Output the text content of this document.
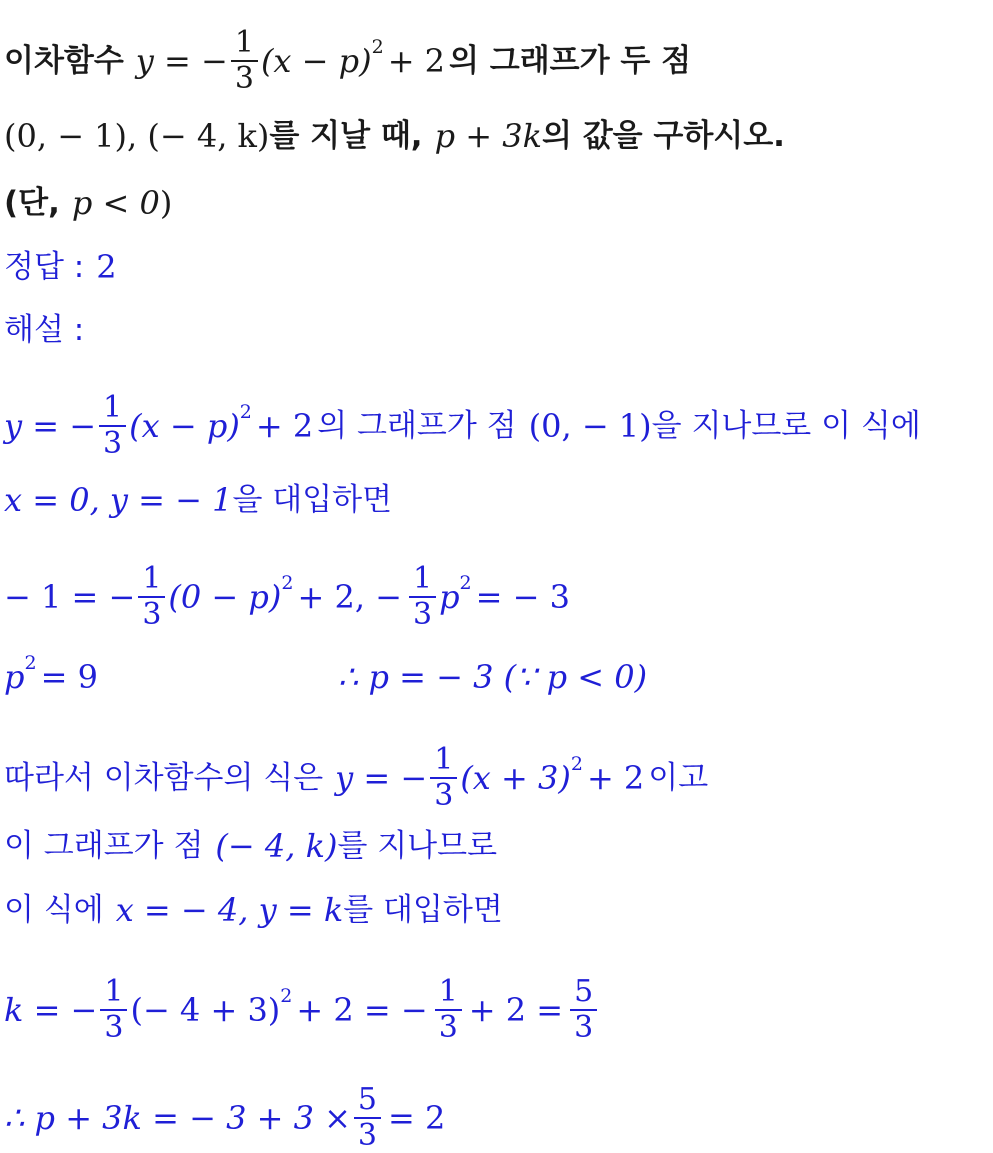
이차함수 y = − $\frac{1}{3} (x - p)^2 + 2$ 의 그래프가 두 점
(0, − 1), (− 4, k) 를 지날 때, p + 3k 의 값을 구하시오.
(단, p < 0 )
정답 : 2
해설 :
y = − $\frac{1}{3} (x - p)^2 + 2$ 의 그래프가 점 (0, − 1) 을 지나므로 이 식에
x = 0, y = − 1 을 대입하면
− 1 = − $\frac{1}{3} (0 - p)^2 + 2$, − $\frac{1}{3} p^2$ = − 3
$p^2 = 9$	∴ p = − 3 (∵ p < 0)
따라서 이차함수의 식은 y = − $\frac{1}{3} (x + 3)^2 + 2$ 이고
이 그래프가 점 (− 4, k) 를 지나므로
이 식에 x = − 4, y = k 를 대입하면
k = − $\frac{1}{3}$ (− 4 + 3)$^2$ + 2 = − $\frac{1}{3} + 2 = \frac{5}{3}$
∴ p + 3k = − $3 + 3 \times \frac{5}{3} = 2$
